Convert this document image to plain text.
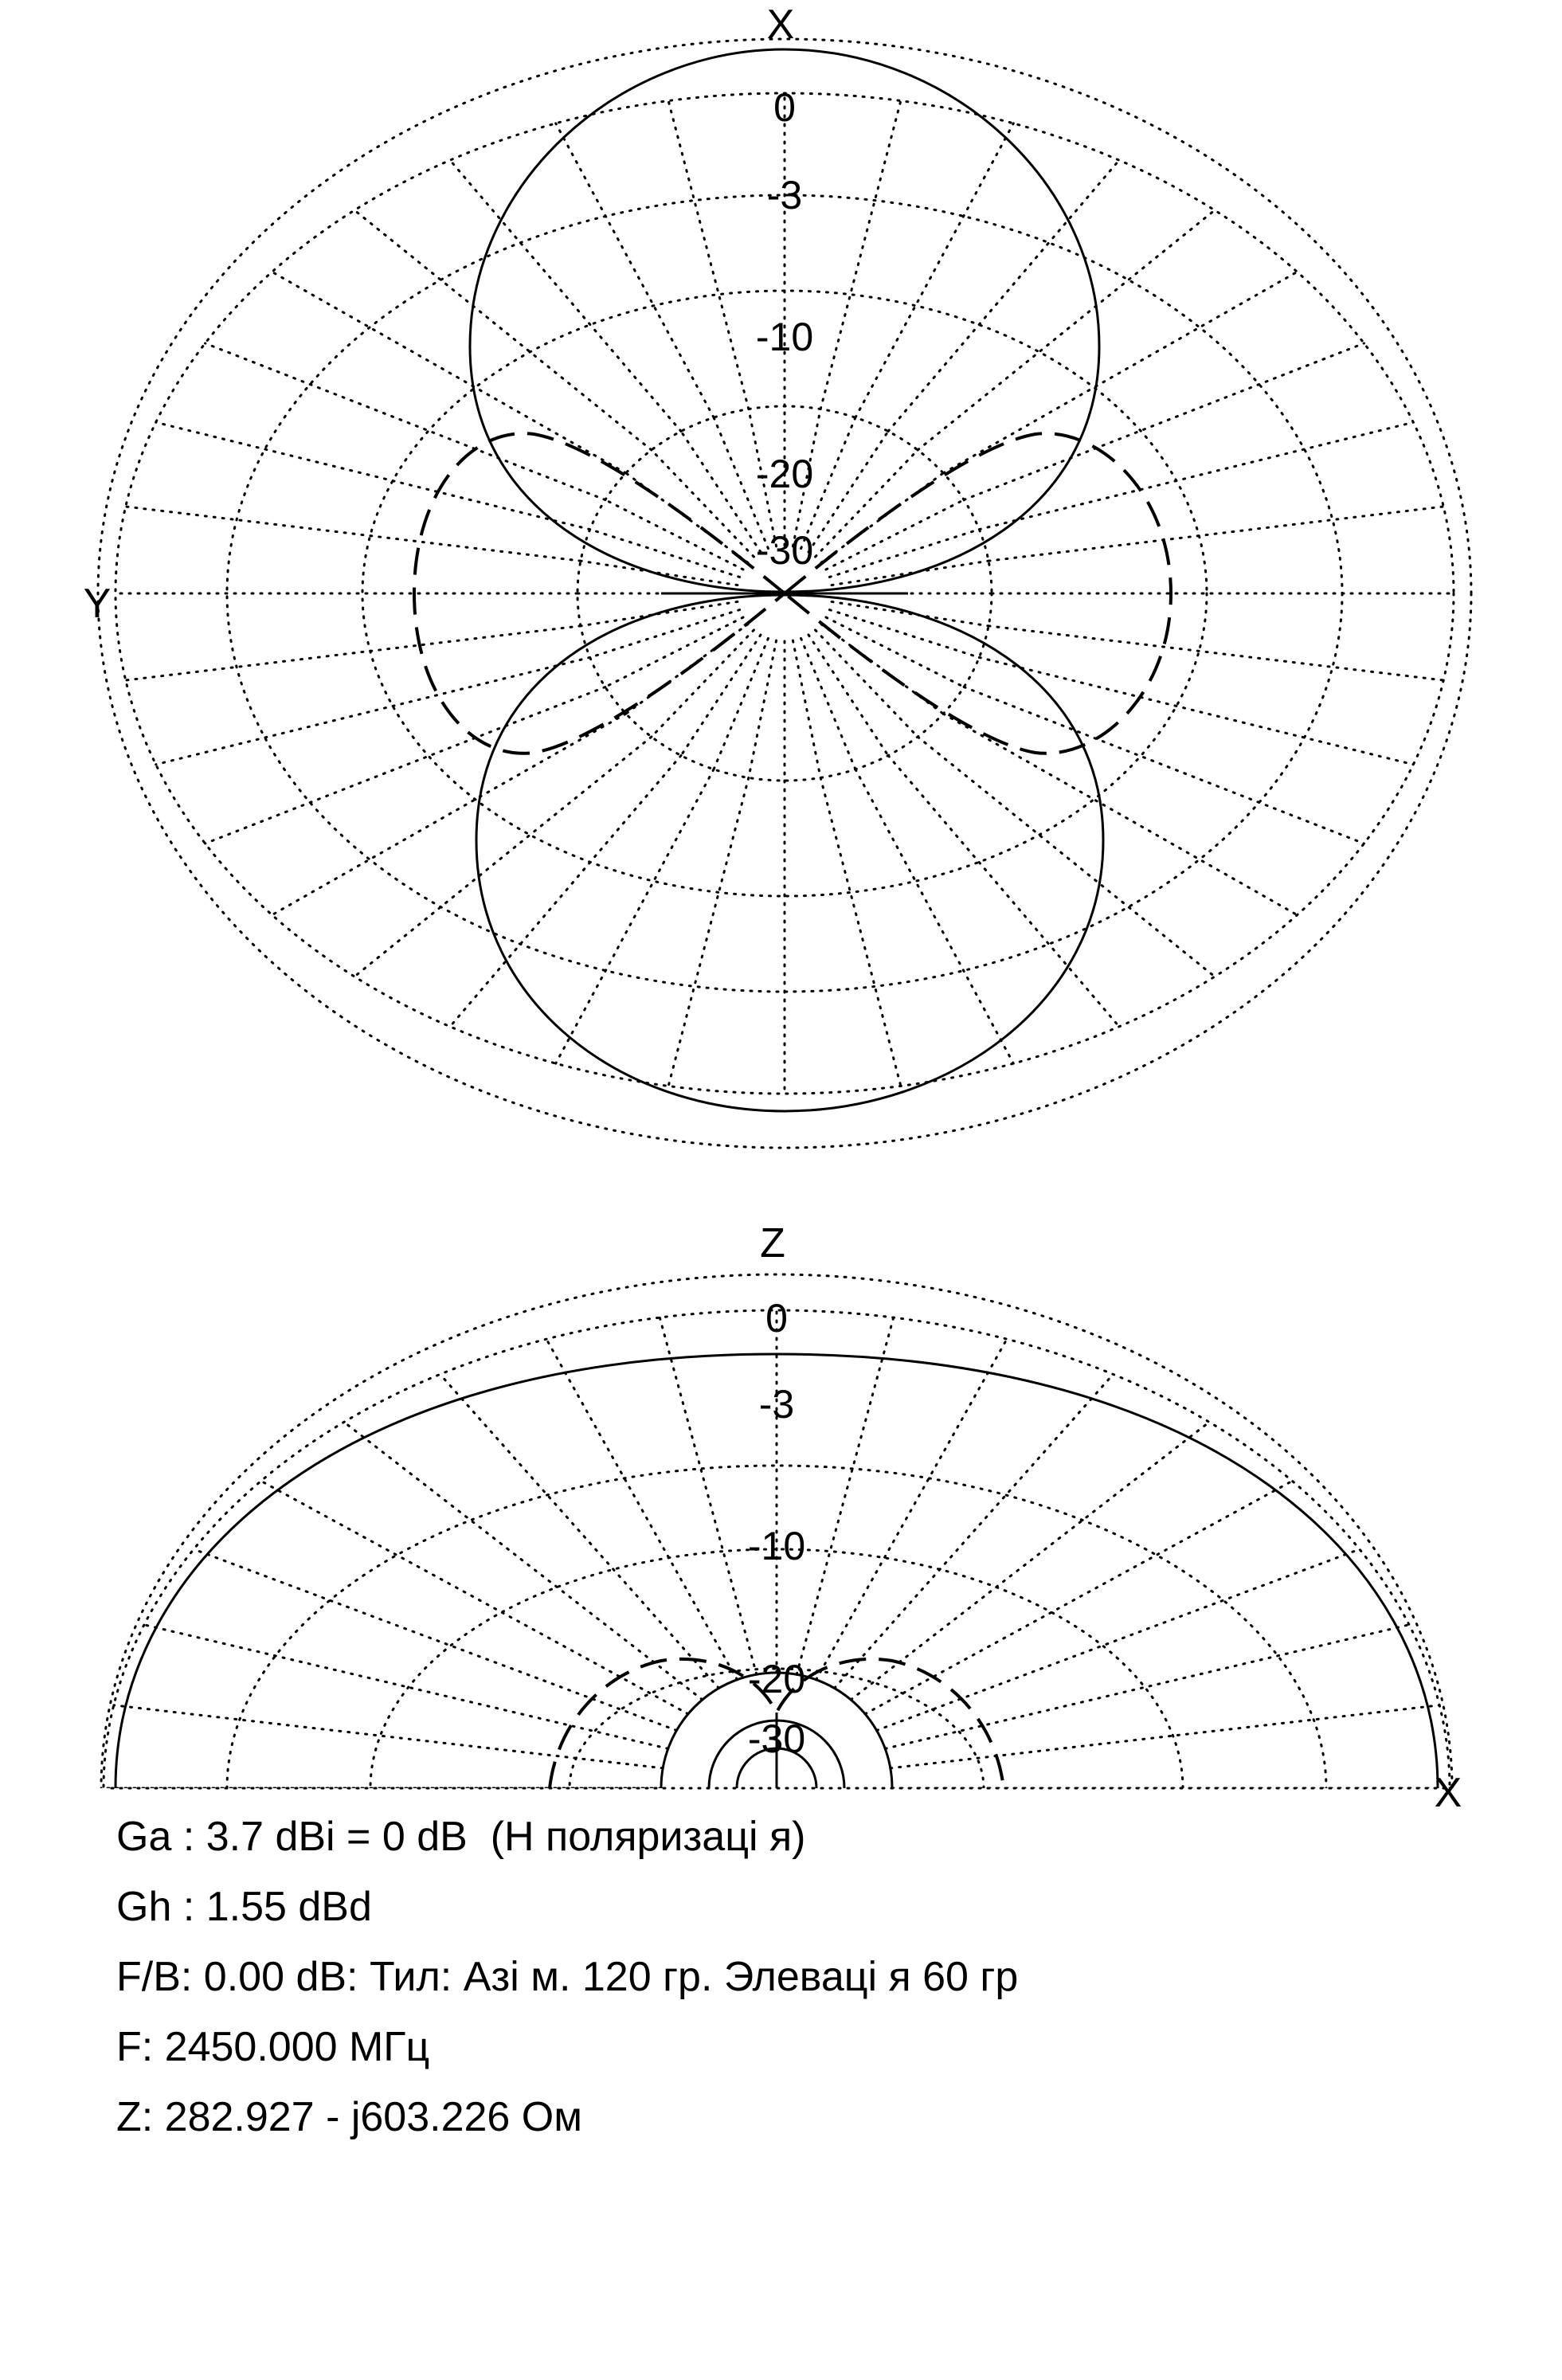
0
-3
-10
-20
-30
X
Y
0
-3
-10
-20
-30
Z
X
Ga : 3.7 dBi = 0 dB  (H поляризаці я)
Gh : 1.55 dBd
F/B: 0.00 dB: Тил: Азі м. 120 гр. Элеваці я 60 гр
F: 2450.000 МГц
Z: 282.927 - j603.226 Ом
